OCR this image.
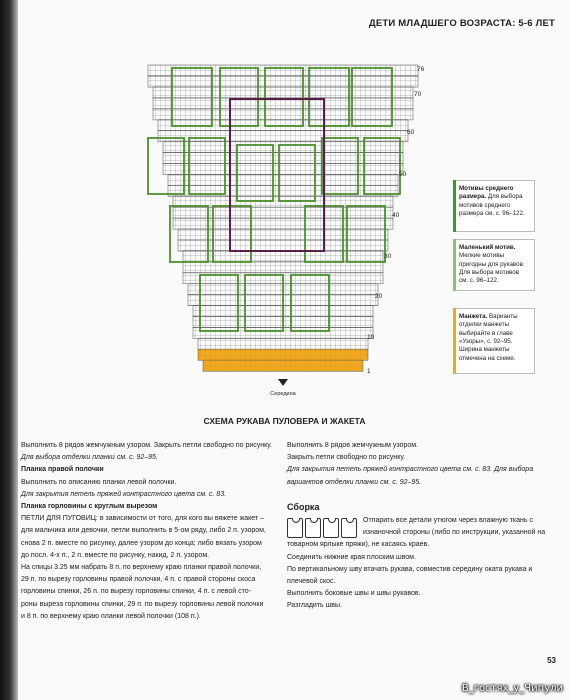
ДЕТИ МЛАДШЕГО ВОЗРАСТА: 5-6 ЛЕТ
76
70
60
50
40
30
20
10
1
Середина
Мотивы среднего размера. Для выбора мотивов среднего размера см. с. 96–122.
Маленький мотив. Мелкие мотивы пригодны для рукавов. Для выбора мотивов см. с. 96–122.
Манжета. Варианты отделки манжеты выбирайте в главе «Узоры», с. 92–95. Ширина манжеты отмечена на схеме.
СХЕМА РУКАВА ПУЛОВЕРА И ЖАКЕТА

Выполнить 8 рядов жемчужным узором. Закрыть петли свободно по рисунку.

Для выбора отделки планки см. с. 92–95.

Планка правой полочки

Выполнить по описанию планки левой полочки.

Для закрытия петель пряжей контрастного цвета см. с. 83.

Планка горловины с круглым вырезом

ПЕТЛИ ДЛЯ ПУГОВИЦ: в зависимости от того, для кого вы вяжете жакет –

для мальчика или девочки, петли выполнить в 5-ом ряду, либо 2 п. узором,

снова 2 п. вместе по рисунку, далее узором до конца; либо вязать узором

до посл. 4-х п., 2 п. вместе по рисунку, накид, 2 п. узором.

На спицы 3.25 мм набрать 8 п. по верхнему краю планки правой полочки,

29 п. по вырезу горловины правой полочки, 4 п. с правой стороны скоса

горловины спинки, 26 п. по вырезу горловины спинки, 4 п. с левой сто-

роны выреза горловины спинки, 29 п. по вырезу горловины левой полочки

и 8 п. по верхнему краю планки левой полочки (108 п.).

Выполнить 8 рядов жемчужным узором.

Закрыть петли свободно по рисунку.

Для закрытия петель пряжей контрастного цвета см. с. 83. Для выбора вариантов отделки планки см. с. 92–95.

Сборка

Отпарить все детали утюгом через влажную ткань с изнаночной стороны (либо по инструкции, указанной на товарном ярлыке пряжи), не касаясь краев.

Соединить нижние края плоским швом.

По вертикальному шву втачать рукава, совместив середину оката рукава и плечевой скос.

Выполнить боковые швы и швы рукавов.

Разгладить швы.

53
В_гостях_у_Чипули
